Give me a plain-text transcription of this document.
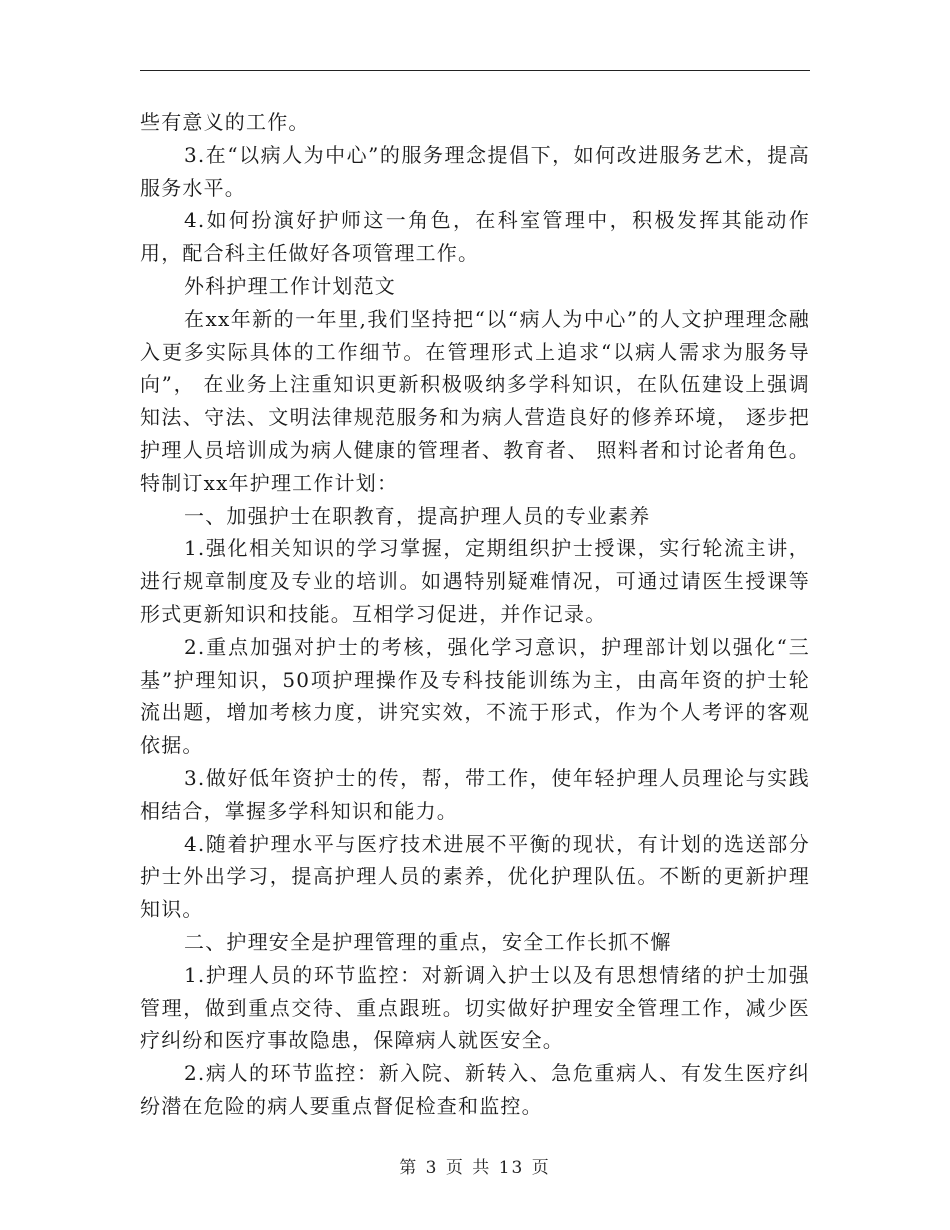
些有意义的工作。

3.在“以病人为中心”的服务理念提倡下，如何改进服务艺术，提高服务水平。

4.如何扮演好护师这一角色，在科室管理中，积极发挥其能动作用，配合科主任做好各项管理工作。

外科护理工作计划范文

在xx年新的一年里,我们坚持把“以“病人为中心”的人文护理理念融入更多实际具体的工作细节。在管理形式上追求“以病人需求为服务导向”， 在业务上注重知识更新积极吸纳多学科知识，在队伍建设上强调知法、守法、文明法律规范服务和为病人营造良好的修养环境， 逐步把护理人员培训成为病人健康的管理者、教育者、 照料者和讨论者角色。特制订xx年护理工作计划：

一、加强护士在职教育，提高护理人员的专业素养

1.强化相关知识的学习掌握，定期组织护士授课，实行轮流主讲，进行规章制度及专业的培训。如遇特别疑难情况，可通过请医生授课等形式更新知识和技能。互相学习促进，并作记录。

2.重点加强对护士的考核，强化学习意识，护理部计划以强化“三基”护理知识，50项护理操作及专科技能训练为主，由高年资的护士轮流出题，增加考核力度，讲究实效，不流于形式，作为个人考评的客观依据。

3.做好低年资护士的传，帮，带工作，使年轻护理人员理论与实践相结合，掌握多学科知识和能力。

4.随着护理水平与医疗技术进展不平衡的现状，有计划的选送部分护士外出学习，提高护理人员的素养，优化护理队伍。不断的更新护理知识。

二、护理安全是护理管理的重点，安全工作长抓不懈

1.护理人员的环节监控：对新调入护士以及有思想情绪的护士加强管理，做到重点交待、重点跟班。切实做好护理安全管理工作，减少医疗纠纷和医疗事故隐患，保障病人就医安全。

2.病人的环节监控：新入院、新转入、急危重病人、有发生医疗纠纷潜在危险的病人要重点督促检查和监控。

第 3 页 共 13 页
